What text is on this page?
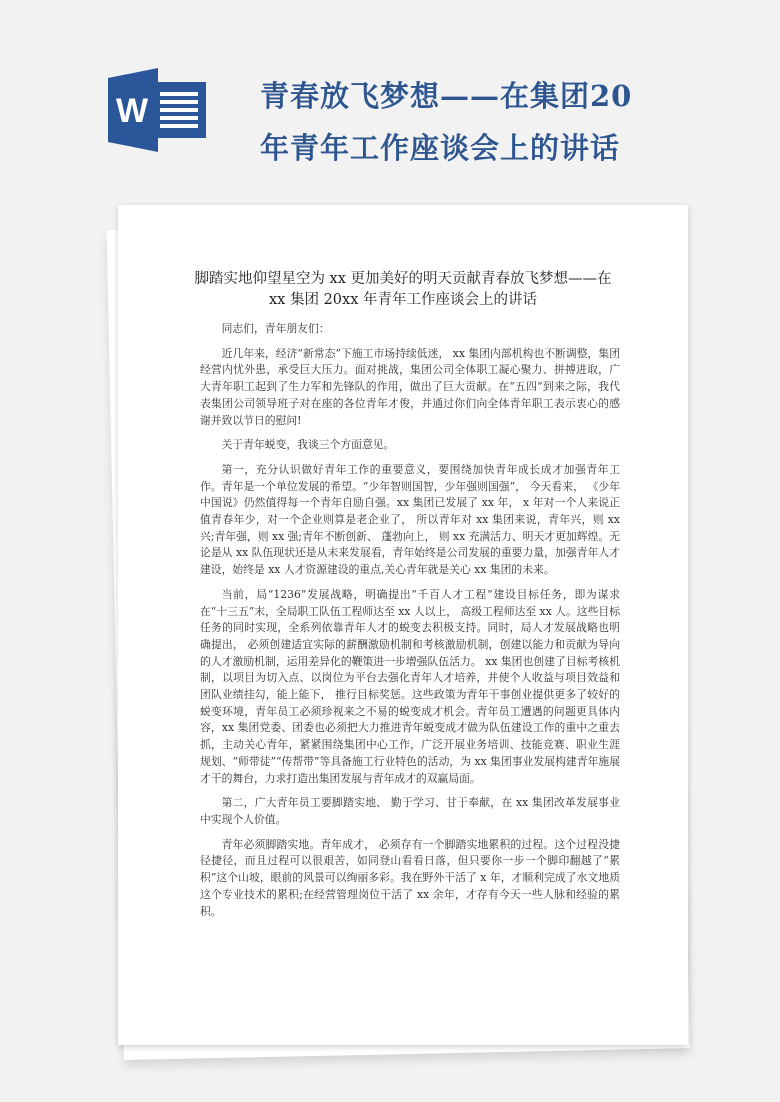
W	青春放飞梦想——在集团20年青年工作座谈会上的讲话
脚踏实地仰望星空为 xx 更加美好的明天贡献青春放飞梦想——在 xx 集团 20xx 年青年工作座谈会上的讲话

同志们，青年朋友们：

近几年来，经济“新常态”下施工市场持续低迷， xx 集团内部机构也不断调整，集团经营内忧外患，承受巨大压力。面对挑战，集团公司全体职工凝心聚力、拼搏进取，广大青年职工起到了生力军和先锋队的作用，做出了巨大贡献。在“五四”到来之际，我代表集团公司领导班子对在座的各位青年才俊，并通过你们向全体青年职工表示衷心的感谢并致以节日的慰问!

关于青年蜕变，我谈三个方面意见。

第一，充分认识做好青年工作的重要意义，要围绕加快青年成长成才加强青年工作。青年是一个单位发展的希望。“少年智则国智，少年强则国强”， 今天看来， 《少年中国说》仍然值得每一个青年自励自强。xx 集团已发展了 xx 年， x 年对一个人来说正值青春年少，对一个企业则算是老企业了， 所以青年对 xx 集团来说，青年兴，则 xx 兴;青年强，则 xx 强;青年不断创新、 蓬勃向上， 则 xx 充满活力、明天才更加辉煌。无论是从 xx 队伍现状还是从未来发展看，青年始终是公司发展的重要力量，加强青年人才建设，始终是 xx 人才资源建设的重点,关心青年就是关心 xx 集团的未来。

当前，局“1236”发展战略，明确提出“千百人才工程”建设目标任务，即为谋求在“十三五”末，全局职工队伍工程师达至 xx 人以上， 高级工程师达至 xx 人。这些目标任务的同时实现，全系列依靠青年人才的蜕变去积极支持。同时，局人才发展战略也明确提出， 必须创建适宜实际的薪酬激励机制和考核激励机制，创建以能力和贡献为导向的人才激励机制，运用差异化的鞭策进一步增强队伍活力。 xx 集团也创建了目标考核机制，以项目为切入点、以岗位为平台去强化青年人才培养，并使个人收益与项目效益和团队业绩挂勾，能上能下， 推行目标奖惩。这些政策为青年干事创业提供更多了较好的蜕变环境，青年员工必须珍视来之不易的蜕变成才机会。青年员工遭遇的问题更具体内容，xx 集团党委、团委也必须把大力推进青年蜕变成才做为队伍建设工作的重中之重去抓，主动关心青年，紧紧围绕集团中心工作，广泛开展业务培训、技能竞赛、职业生涯规划、“师带徒”“传帮带”等具备施工行业特色的活动，为 xx 集团事业发展构建青年施展才干的舞台，力求打造出集团发展与青年成才的双赢局面。

第二，广大青年员工要脚踏实地、 勤于学习、甘于奉献，在 xx 集团改革发展事业中实现个人价值。

青年必须脚踏实地。青年成才， 必须存有一个脚踏实地累积的过程。这个过程没捷径捷径，而且过程可以很艰苦，如同登山看看日落，但只要你一步一个脚印翻越了“累积”这个山坡，眼前的风景可以绚丽多彩。我在野外干活了 x 年，才顺利完成了水文地质这个专业技术的累积;在经营管理岗位干活了 xx 余年，才存有今天一些人脉和经验的累积。
